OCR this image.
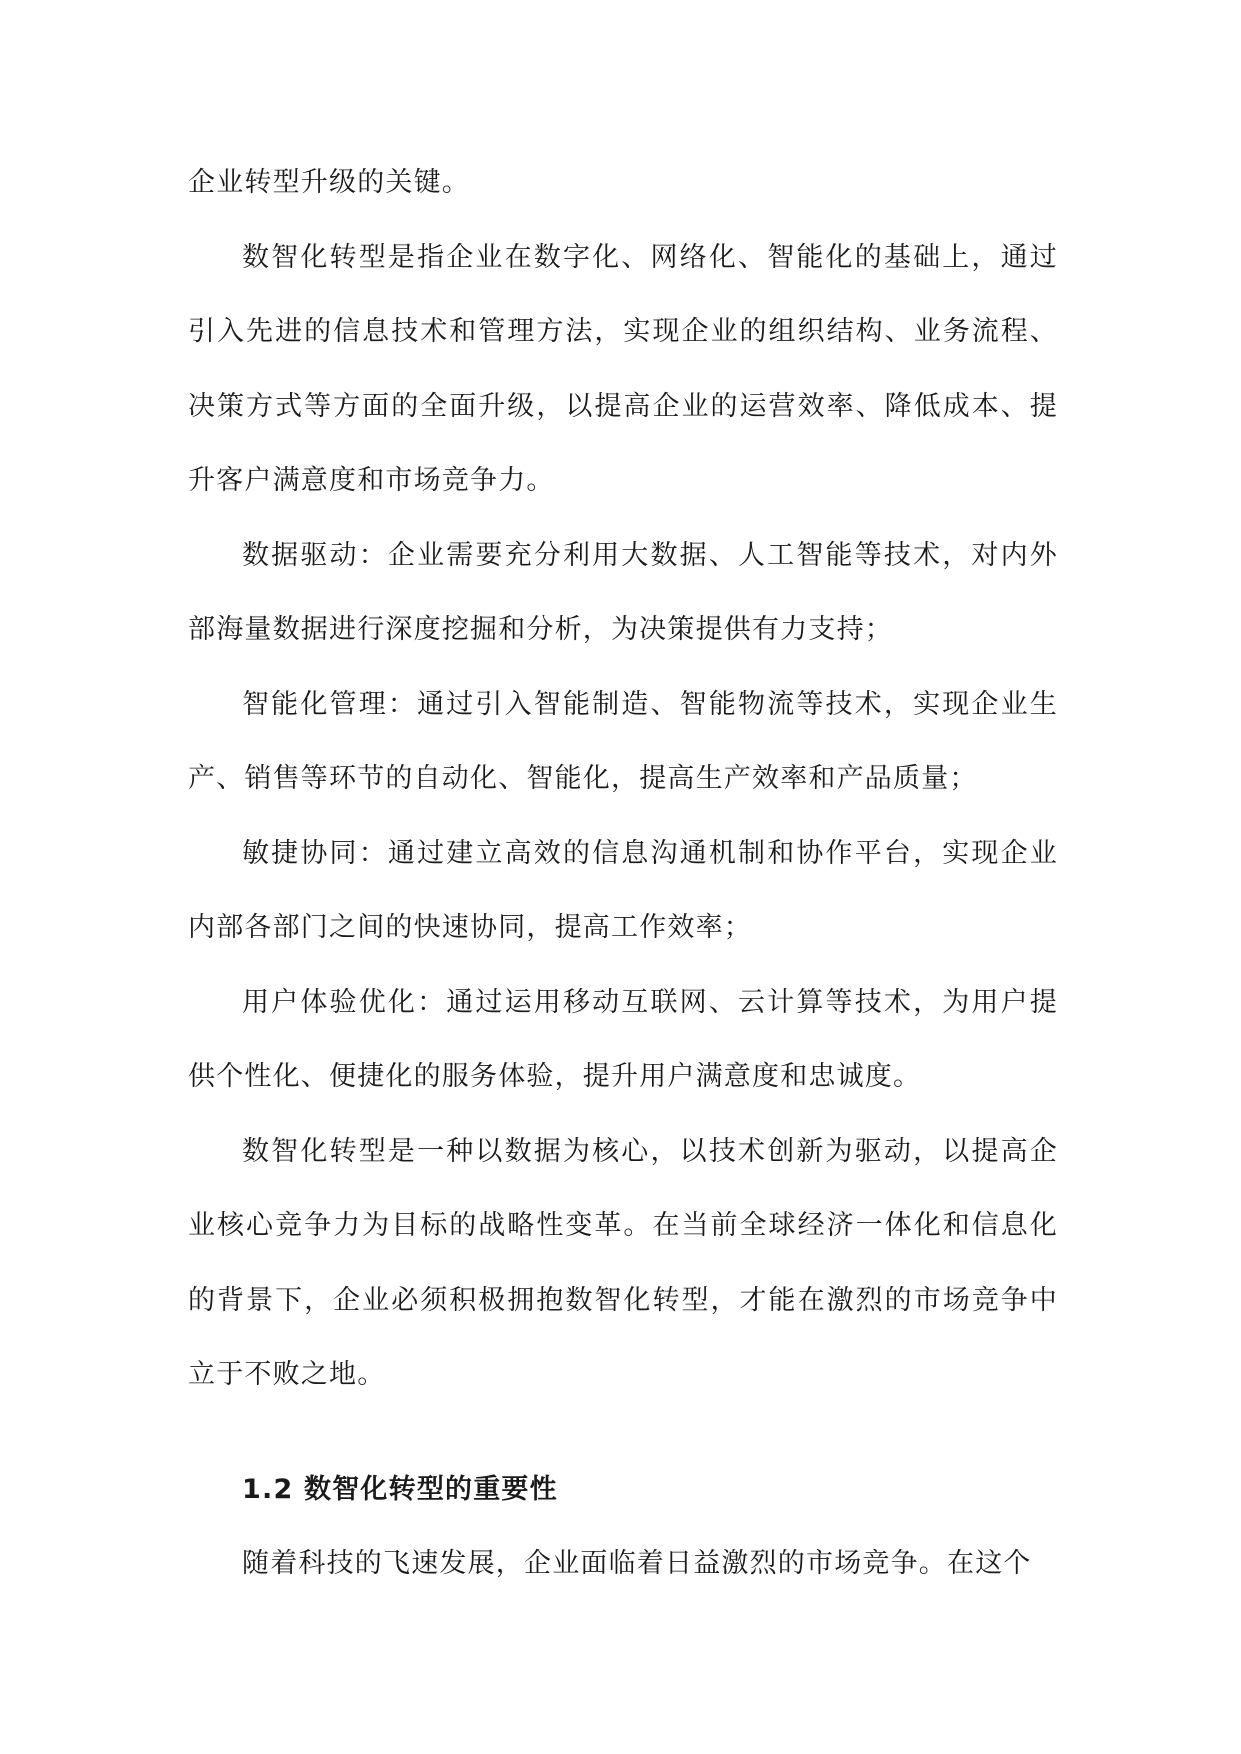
企业转型升级的关键。

数智化转型是指企业在数字化、网络化、智能化的基础上，通过引入先进的信息技术和管理方法，实现企业的组织结构、业务流程、决策方式等方面的全面升级，以提高企业的运营效率、降低成本、提升客户满意度和市场竞争力。

数据驱动：企业需要充分利用大数据、人工智能等技术，对内外部海量数据进行深度挖掘和分析，为决策提供有力支持；

智能化管理：通过引入智能制造、智能物流等技术，实现企业生产、销售等环节的自动化、智能化，提高生产效率和产品质量；

敏捷协同：通过建立高效的信息沟通机制和协作平台，实现企业内部各部门之间的快速协同，提高工作效率；

用户体验优化：通过运用移动互联网、云计算等技术，为用户提供个性化、便捷化的服务体验，提升用户满意度和忠诚度。

数智化转型是一种以数据为核心，以技术创新为驱动，以提高企业核心竞争力为目标的战略性变革。在当前全球经济一体化和信息化的背景下，企业必须积极拥抱数智化转型，才能在激烈的市场竞争中立于不败之地。

1.2 数智化转型的重要性

随着科技的飞速发展，企业面临着日益激烈的市场竞争。在这个
